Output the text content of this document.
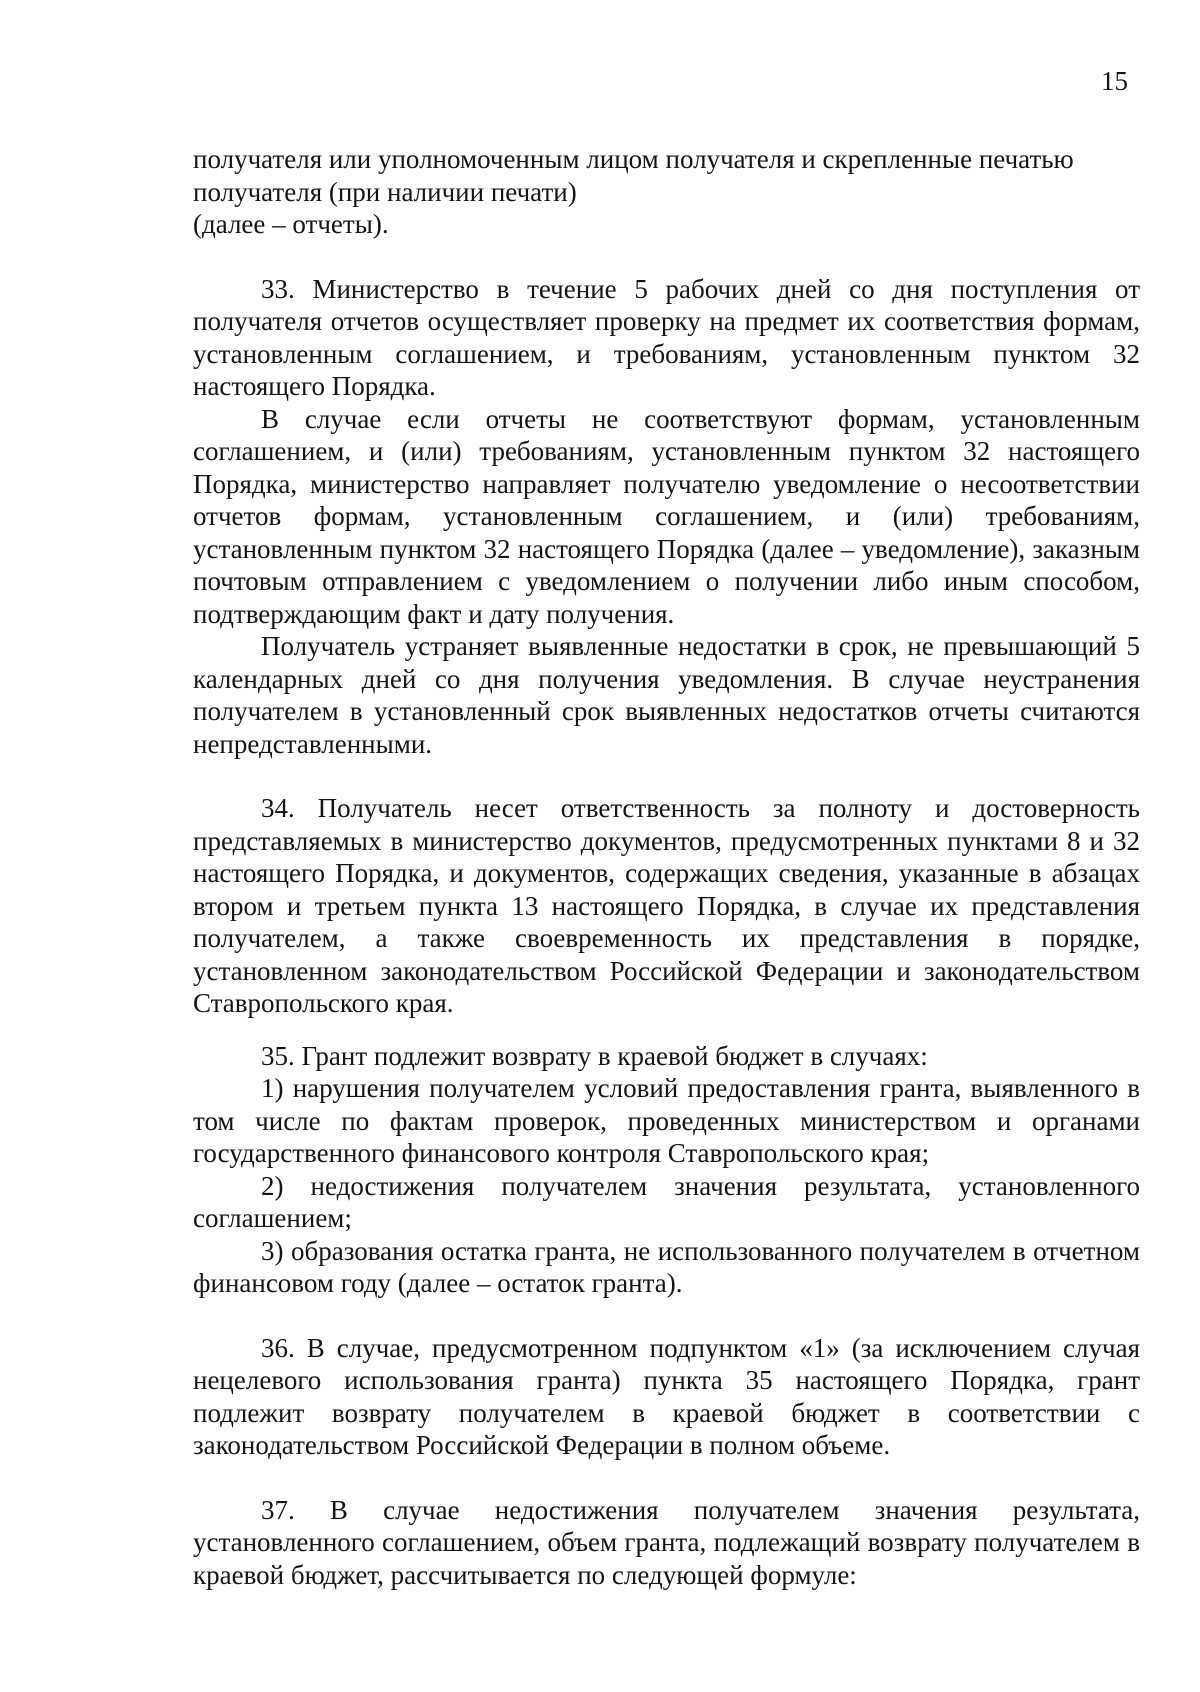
15

получателя или уполномоченным лицом получателя и скрепленные печатью
получателя (при наличии печати)
(далее – отчеты).

33. Министерство в течение 5 рабочих дней со дня поступления от получателя отчетов осуществляет проверку на предмет их соответствия формам, установленным соглашением, и требованиям, установленным пунктом 32 настоящего Порядка.

В случае если отчеты не соответствуют формам, установленным соглашением, и (или) требованиям, установленным пунктом 32 настоящего Порядка, министерство направляет получателю уведомление о несоответствии отчетов формам, установленным соглашением, и (или) требованиям, установленным пунктом 32 настоящего Порядка (далее – уведомление), заказным почтовым отправлением с уведомлением о получении либо иным способом, подтверждающим факт и дату получения.

Получатель устраняет выявленные недостатки в срок, не превышающий 5 календарных дней со дня получения уведомления. В случае неустранения получателем в установленный срок выявленных недостатков отчеты считаются непредставленными.

34. Получатель несет ответственность за полноту и достоверность представляемых в министерство документов, предусмотренных пунктами 8 и 32 настоящего Порядка, и документов, содержащих сведения, указанные в абзацах втором и третьем пункта 13 настоящего Порядка, в случае их представления получателем, а также своевременность их представления в порядке, установленном законодательством Российской Федерации и законодательством Ставропольского края.

35. Грант подлежит возврату в краевой бюджет в случаях:

1) нарушения получателем условий предоставления гранта, выявленного в том числе по фактам проверок, проведенных министерством и органами государственного финансового контроля Ставропольского края;

2) недостижения получателем значения результата, установленного соглашением;

3) образования остатка гранта, не использованного получателем в отчетном финансовом году (далее – остаток гранта).

36. В случае, предусмотренном подпунктом «1» (за исключением случая нецелевого использования гранта) пункта 35 настоящего Порядка, грант подлежит возврату получателем в краевой бюджет в соответствии с законодательством Российской Федерации в полном объеме.

37. В случае недостижения получателем значения результата, установленного соглашением, объем гранта, подлежащий возврату получателем в краевой бюджет, рассчитывается по следующей формуле:
